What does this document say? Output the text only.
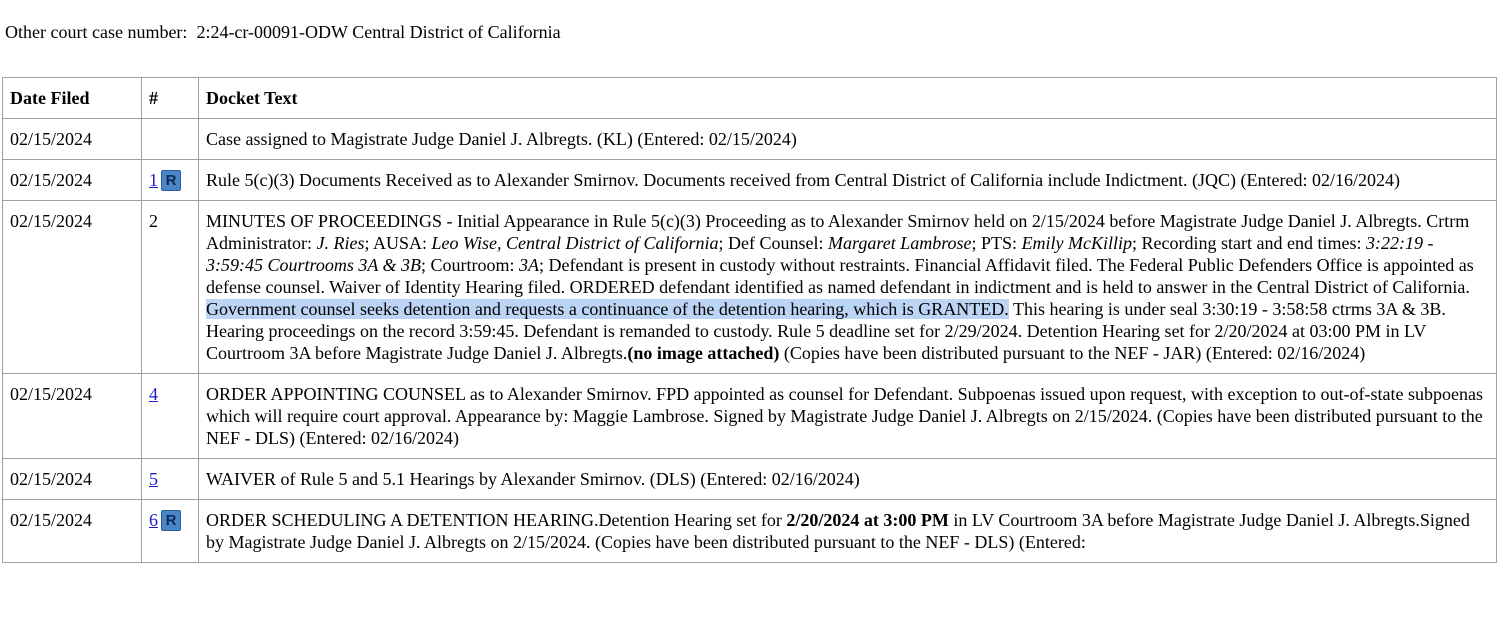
Other court case number: 2:24-cr-00091-ODW Central District of California
Date Filed	#	Docket Text
02/15/2024		Case assigned to Magistrate Judge Daniel J. Albregts. (KL) (Entered: 02/15/2024)
02/15/2024	1 R	Rule 5(c)(3) Documents Received as to Alexander Smirnov. Documents received from Central District of California include Indictment. (JQC) (Entered: 02/16/2024)
02/15/2024	2	MINUTES OF PROCEEDINGS - Initial Appearance in Rule 5(c)(3) Proceeding as to Alexander Smirnov held on 2/15/2024 before Magistrate Judge Daniel J. Albregts. Crtrm Administrator: J. Ries; AUSA: Leo Wise, Central District of California; Def Counsel: Margaret Lambrose; PTS: Emily McKillip; Recording start and end times: 3:22:19 - 3:59:45 Courtrooms 3A & 3B; Courtroom: 3A; Defendant is present in custody without restraints. Financial Affidavit filed. The Federal Public Defenders Office is appointed as defense counsel. Waiver of Identity Hearing filed. ORDERED defendant identified as named defendant in indictment and is held to answer in the Central District of California. Government counsel seeks detention and requests a continuance of the detention hearing, which is GRANTED. This hearing is under seal 3:30:19 - 3:58:58 ctrms 3A & 3B. Hearing proceedings on the record 3:59:45. Defendant is remanded to custody. Rule 5 deadline set for 2/29/2024. Detention Hearing set for 2/20/2024 at 03:00 PM in LV Courtroom 3A before Magistrate Judge Daniel J. Albregts.(no image attached) (Copies have been distributed pursuant to the NEF - JAR) (Entered: 02/16/2024)
02/15/2024	4	ORDER APPOINTING COUNSEL as to Alexander Smirnov. FPD appointed as counsel for Defendant. Subpoenas issued upon request, with exception to out-of-state subpoenas which will require court approval. Appearance by: Maggie Lambrose. Signed by Magistrate Judge Daniel J. Albregts on 2/15/2024. (Copies have been distributed pursuant to the NEF - DLS) (Entered: 02/16/2024)
02/15/2024	5	WAIVER of Rule 5 and 5.1 Hearings by Alexander Smirnov. (DLS) (Entered: 02/16/2024)
02/15/2024	6 R	ORDER SCHEDULING A DETENTION HEARING.Detention Hearing set for 2/20/2024 at 3:00 PM in LV Courtroom 3A before Magistrate Judge Daniel J. Albregts.Signed by Magistrate Judge Daniel J. Albregts on 2/15/2024. (Copies have been distributed pursuant to the NEF - DLS) (Entered:
